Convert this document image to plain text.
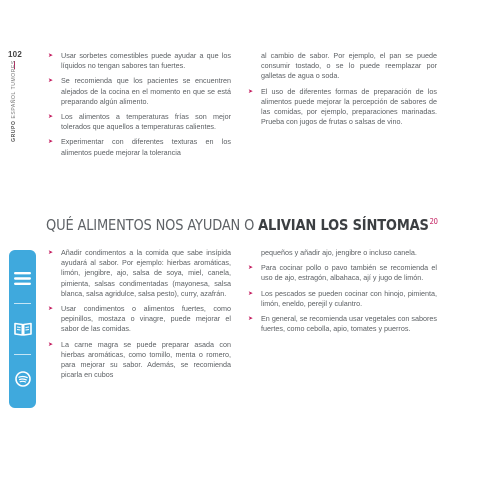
102
GRUPO ESPAÑOL TUMORES
➤ Usar sorbetes comestibles puede ayudar a que los líquidos no tengan sabores tan fuertes.
➤ Se recomienda que los pacientes se encuentren alejados de la cocina en el momento en que se está preparando algún alimento.
➤ Los alimentos a temperaturas frías son mejor tolerados que aquellos a temperaturas calientes.
➤ Experimentar con diferentes texturas en los alimentos puede mejorar la tolerancia

al cambio de sabor. Por ejemplo, el pan se puede consumir tostado, o se lo puede reemplazar por galletas de agua o soda.

➤ El uso de diferentes formas de preparación de los alimentos puede mejorar la percepción de sabores de las comidas, por ejemplo, preparaciones marinadas. Prueba con jugos de frutas o salsas de vino.
QUÉ ALIMENTOS NOS AYUDAN O ALIVIAN LOS SÍNTOMAS$^{20}$
➤ Añadir condimentos a la comida que sabe insípida ayudará al sabor. Por ejemplo: hierbas aromáticas, limón, jengibre, ajo, salsa de soya, miel, canela, pimienta, salsas condimentadas (mayonesa, salsa blanca, salsa agridulce, salsa pesto), curry, azafrán.
➤ Usar condimentos o alimentos fuertes, como pepinillos, mostaza o vinagre, puede mejorar el sabor de las comidas.
➤ La carne magra se puede preparar asada con hierbas aromáticas, como tomillo, menta o romero, para mejorar su sabor. Además, se recomienda picarla en cubos

pequeños y añadir ajo, jengibre o incluso canela.

➤ Para cocinar pollo o pavo también se recomienda el uso de ajo, estragón, albahaca, ají y jugo de limón.
➤ Los pescados se pueden cocinar con hinojo, pimienta, limón, eneldo, perejil y culantro.
➤ En general, se recomienda usar vegetales con sabores fuertes, como cebolla, apio, tomates y puerros.
